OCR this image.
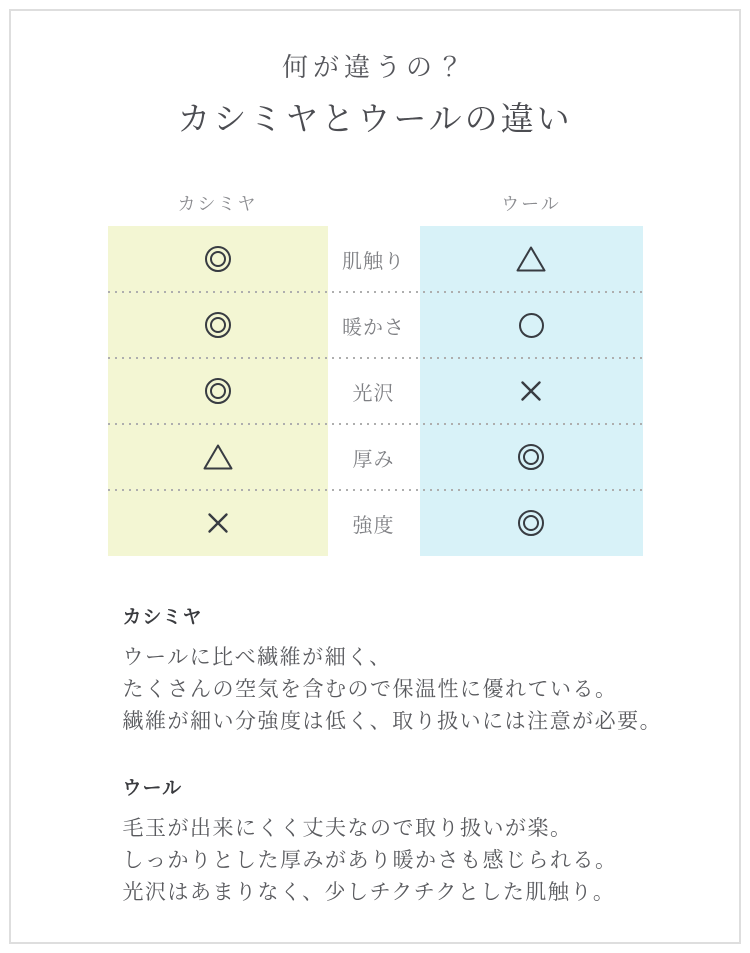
何が違うの？
カシミヤとウールの違い
カシミヤ	ウール
肌触り
暖かさ
光沢
厚み
強度
カシミヤ

ウールに比べ繊維が細く、

たくさんの空気を含むので保温性に優れている。

繊維が細い分強度は低く、取り扱いには注意が必要。

ウール

毛玉が出来にくく丈夫なので取り扱いが楽。

しっかりとした厚みがあり暖かさも感じられる。

光沢はあまりなく、少しチクチクとした肌触り。
